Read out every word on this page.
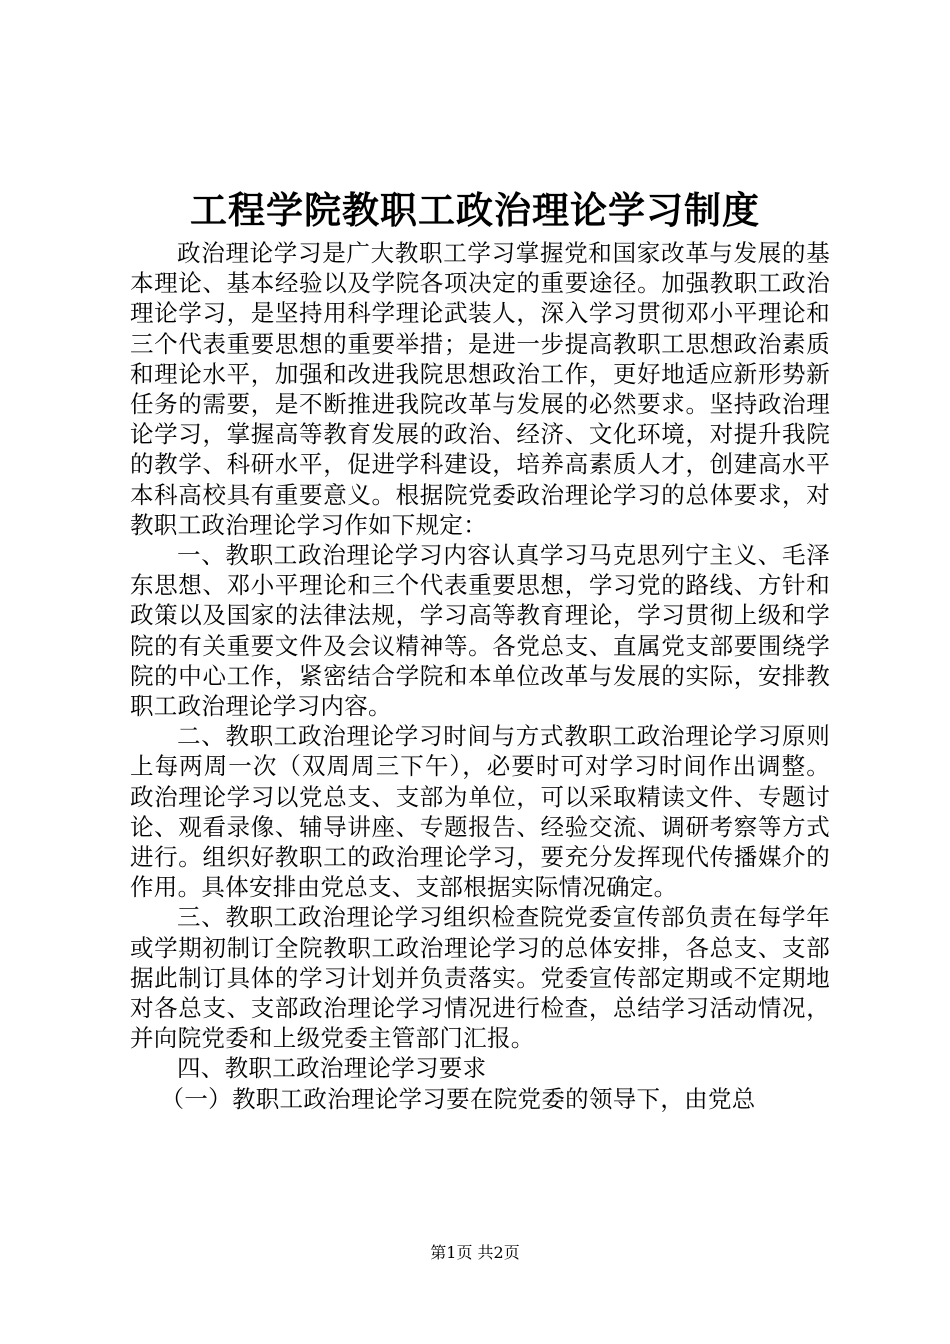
工程学院教职工政治理论学习制度

政治理论学习是广大教职工学习掌握党和国家改革与发展的基本理论、基本经验以及学院各项决定的重要途径。加强教职工政治理论学习，是坚持用科学理论武装人，深入学习贯彻邓小平理论和三个代表重要思想的重要举措；是进一步提高教职工思想政治素质和理论水平，加强和改进我院思想政治工作，更好地适应新形势新任务的需要，是不断推进我院改革与发展的必然要求。坚持政治理论学习，掌握高等教育发展的政治、经济、文化环境，对提升我院的教学、科研水平，促进学科建设，培养高素质人才，创建高水平本科高校具有重要意义。根据院党委政治理论学习的总体要求，对教职工政治理论学习作如下规定：

一、教职工政治理论学习内容认真学习马克思列宁主义、毛泽东思想、邓小平理论和三个代表重要思想，学习党的路线、方针和政策以及国家的法律法规，学习高等教育理论，学习贯彻上级和学院的有关重要文件及会议精神等。各党总支、直属党支部要围绕学院的中心工作，紧密结合学院和本单位改革与发展的实际，安排教职工政治理论学习内容。

二、教职工政治理论学习时间与方式教职工政治理论学习原则上每两周一次（双周周三下午），必要时可对学习时间作出调整。政治理论学习以党总支、支部为单位，可以采取精读文件、专题讨论、观看录像、辅导讲座、专题报告、经验交流、调研考察等方式进行。组织好教职工的政治理论学习，要充分发挥现代传播媒介的作用。具体安排由党总支、支部根据实际情况确定。

三、教职工政治理论学习组织检查院党委宣传部负责在每学年或学期初制订全院教职工政治理论学习的总体安排，各总支、支部据此制订具体的学习计划并负责落实。党委宣传部定期或不定期地对各总支、支部政治理论学习情况进行检查，总结学习活动情况，并向院党委和上级党委主管部门汇报。

四、教职工政治理论学习要求

（一）教职工政治理论学习要在院党委的领导下，由党总

第1页 共2页
